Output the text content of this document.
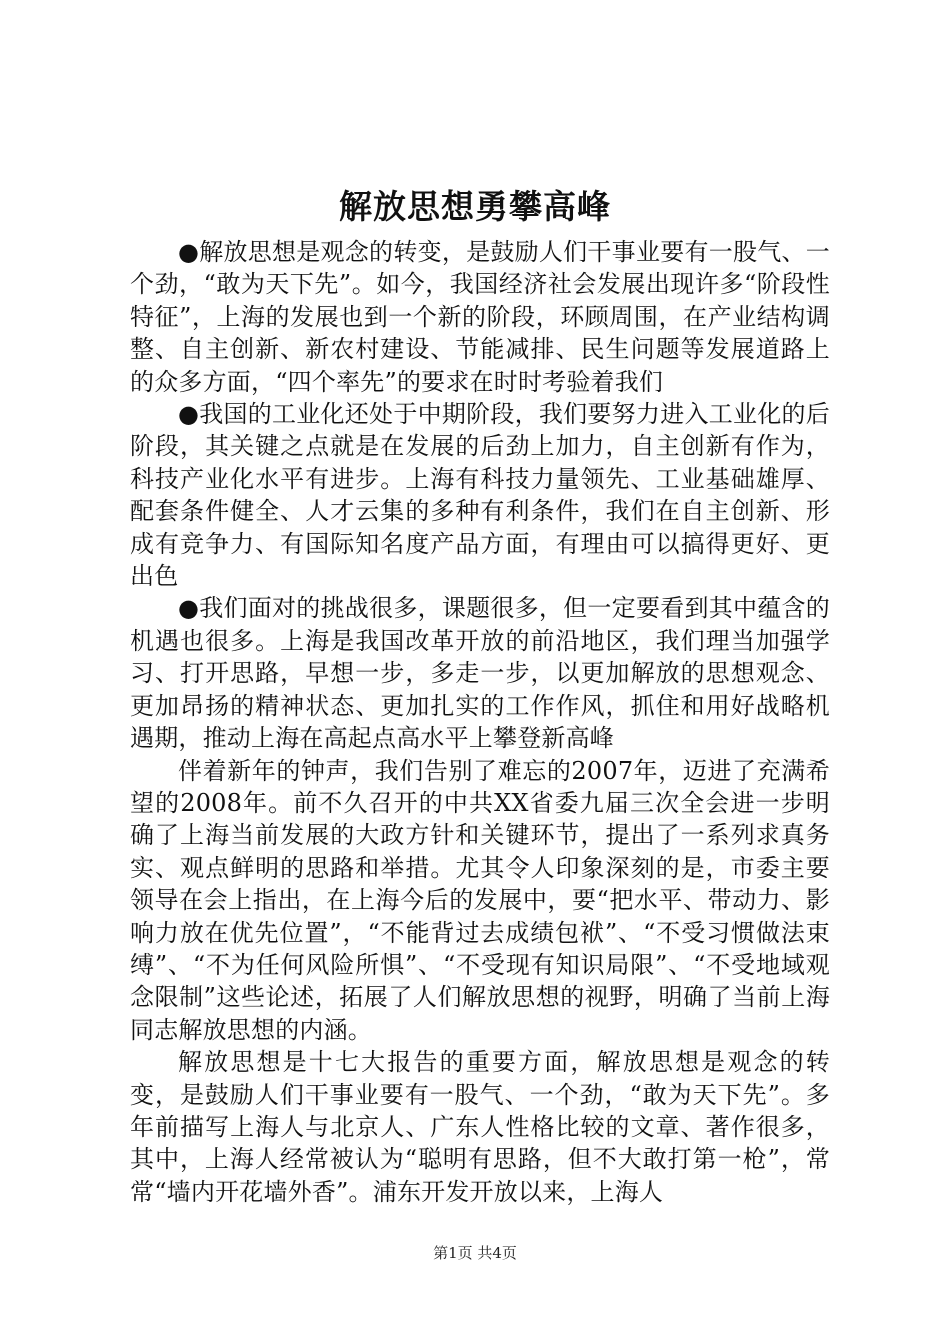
解放思想勇攀高峰

●解放思想是观念的转变，是鼓励人们干事业要有一股气、一个劲，“敢为天下先”。如今，我国经济社会发展出现许多“阶段性特征”，上海的发展也到一个新的阶段，环顾周围，在产业结构调整、自主创新、新农村建设、节能减排、民生问题等发展道路上的众多方面，“四个率先”的要求在时时考验着我们

●我国的工业化还处于中期阶段，我们要努力进入工业化的后阶段，其关键之点就是在发展的后劲上加力，自主创新有作为，科技产业化水平有进步。上海有科技力量领先、工业基础雄厚、配套条件健全、人才云集的多种有利条件，我们在自主创新、形成有竞争力、有国际知名度产品方面，有理由可以搞得更好、更出色

●我们面对的挑战很多，课题很多，但一定要看到其中蕴含的机遇也很多。上海是我国改革开放的前沿地区，我们理当加强学习、打开思路，早想一步，多走一步，以更加解放的思想观念、更加昂扬的精神状态、更加扎实的工作作风，抓住和用好战略机遇期，推动上海在高起点高水平上攀登新高峰

伴着新年的钟声，我们告别了难忘的2007年，迈进了充满希望的2008年。前不久召开的中共XX省委九届三次全会进一步明确了上海当前发展的大政方针和关键环节，提出了一系列求真务实、观点鲜明的思路和举措。尤其令人印象深刻的是，市委主要领导在会上指出，在上海今后的发展中，要“把水平、带动力、影响力放在优先位置”，“不能背过去成绩包袱”、“不受习惯做法束缚”、“不为任何风险所惧”、“不受现有知识局限”、“不受地域观念限制”这些论述，拓展了人们解放思想的视野，明确了当前上海同志解放思想的内涵。

解放思想是十七大报告的重要方面，解放思想是观念的转变，是鼓励人们干事业要有一股气、一个劲，“敢为天下先”。多年前描写上海人与北京人、广东人性格比较的文章、著作很多，其中，上海人经常被认为“聪明有思路，但不大敢打第一枪”，常常“墙内开花墙外香”。浦东开发开放以来，上海人

第1页 共4页
